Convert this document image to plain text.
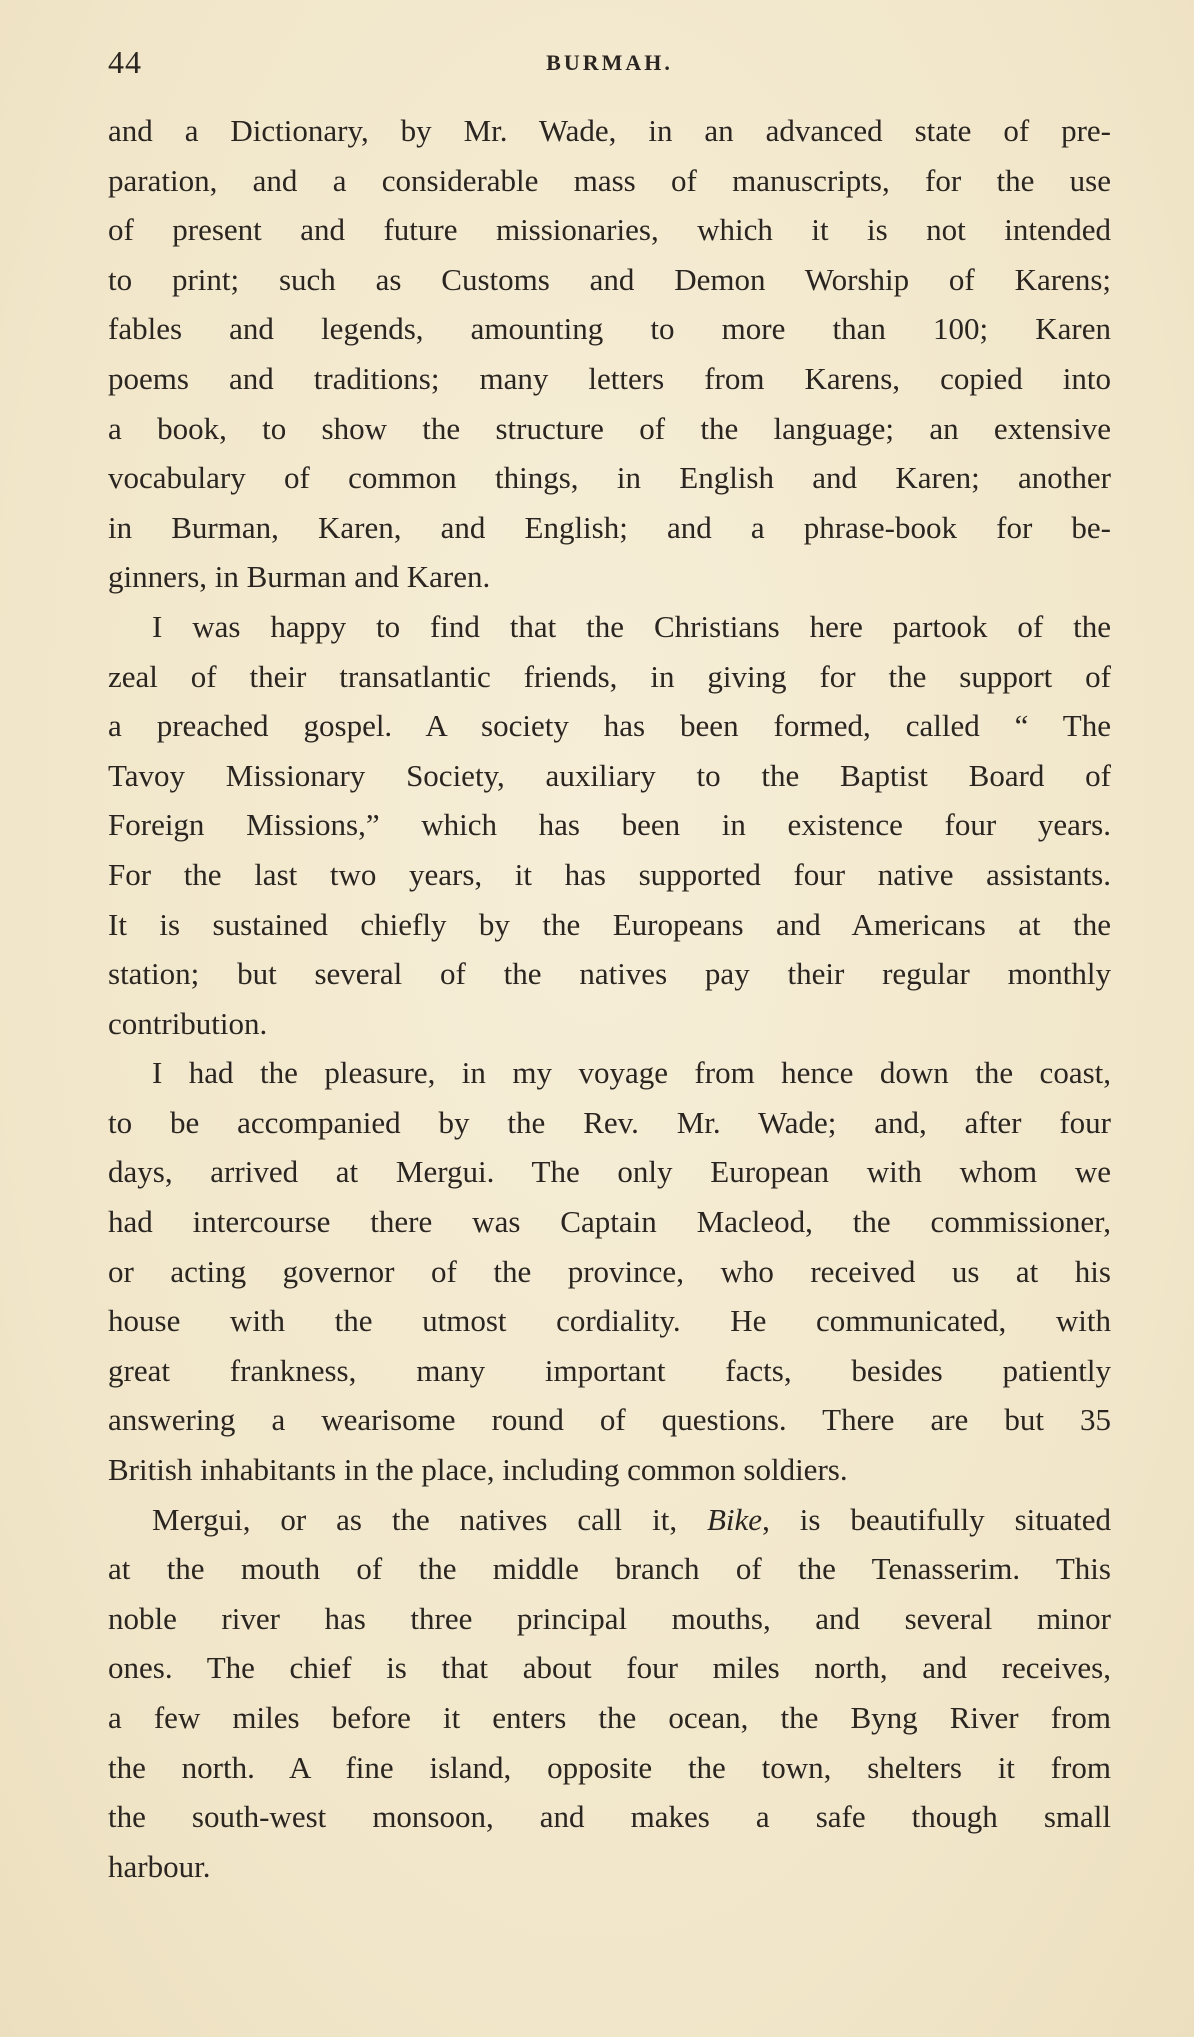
44	BURMAH.
and a Dictionary, by Mr. Wade, in an advanced state of pre-
paration, and a considerable mass of manuscripts, for the use
of present and future missionaries, which it is not intended
to print; such as Customs and Demon Worship of Karens;
fables and legends, amounting to more than 100; Karen
poems and traditions; many letters from Karens, copied into
a book, to show the structure of the language; an extensive
vocabulary of common things, in English and Karen; another
in Burman, Karen, and English; and a phrase-book for be-
ginners, in Burman and Karen.
I was happy to find that the Christians here partook of the
zeal of their transatlantic friends, in giving for the support of
a preached gospel. A society has been formed, called “ The
Tavoy Missionary Society, auxiliary to the Baptist Board of
Foreign Missions,” which has been in existence four years.
For the last two years, it has supported four native assistants.
It is sustained chiefly by the Europeans and Americans at the
station; but several of the natives pay their regular monthly
contribution.
I had the pleasure, in my voyage from hence down the coast,
to be accompanied by the Rev. Mr. Wade; and, after four
days, arrived at Mergui. The only European with whom we
had intercourse there was Captain Macleod, the commissioner,
or acting governor of the province, who received us at his
house with the utmost cordiality. He communicated, with
great frankness, many important facts, besides patiently
answering a wearisome round of questions. There are but 35
British inhabitants in the place, including common soldiers.
Mergui, or as the natives call it, Bike, is beautifully situated
at the mouth of the middle branch of the Tenasserim. This
noble river has three principal mouths, and several minor
ones. The chief is that about four miles north, and receives,
a few miles before it enters the ocean, the Byng River from
the north. A fine island, opposite the town, shelters it from
the south-west monsoon, and makes a safe though small
harbour.
